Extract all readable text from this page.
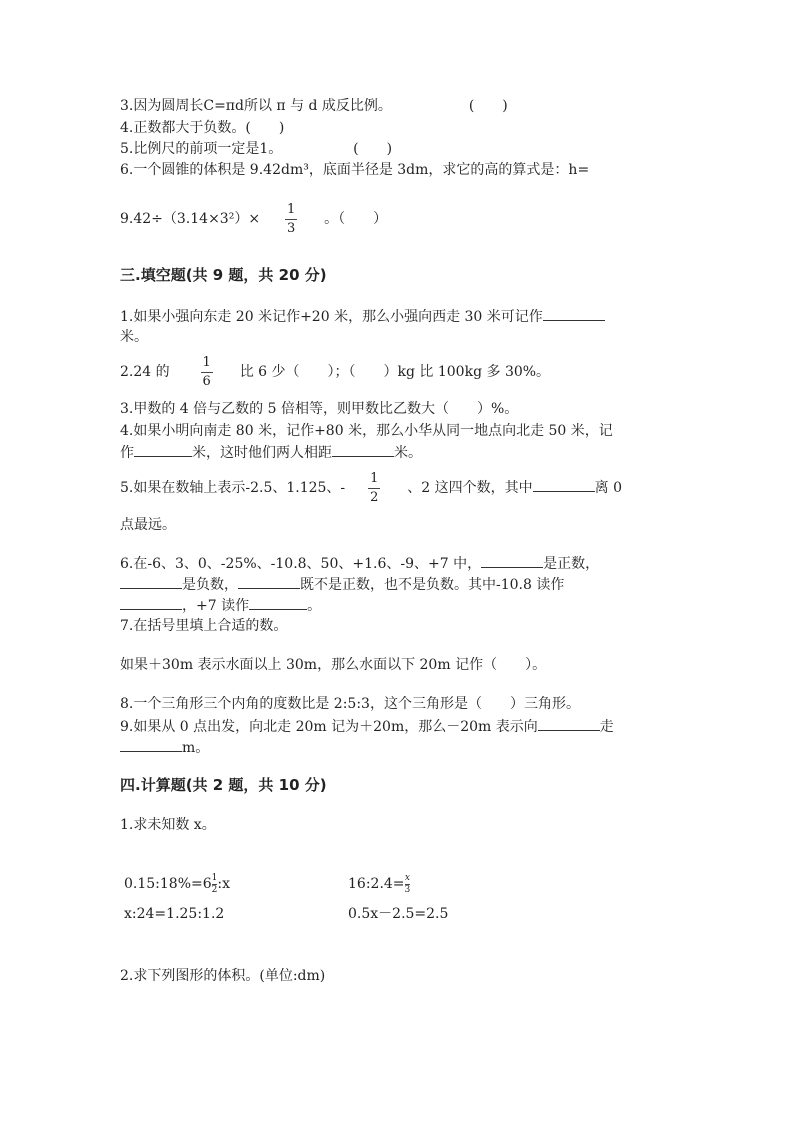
3.因为圆周长C=πd所以 π 与 d 成反比例。	(　　)
4.正数都大于负数。(　　)
5.比例尺的前项一定是1。	(　　)
6.一个圆锥的体积是 9.42dm³，底面半径是 3dm，求它的高的算式是：h=
$9.42\div(3.14\times 3^2)\times \frac{1}{3}$ 。（　　）
三.填空题(共 9 题，共 20 分)
1.如果小强向东走 20 米记作+20 米，那么小强向西走 30 米可记作
米。
2.24 的 $\frac{1}{6}$ 比 6 少（　　）；（　　）kg 比 100kg 多 30%。
3.甲数的 4 倍与乙数的 5 倍相等，则甲数比乙数大（　　）%。
4.如果小明向南走 80 米，记作+80 米，那么小华从同一地点向北走 50 米，记
作	米，这时他们两人相距	米。
5.如果在数轴上表示-2.5、1.125、- $\frac{1}{2}$ 、2 这四个数，其中	离 0
点最远。
6.在-6、3、0、-25%、-10.8、50、+1.6、-9、+7 中，	是正数，
是负数，	既不是正数，也不是负数。其中-10.8 读作
，+7 读作	。
7.在括号里填上合适的数。
如果＋30m 表示水面以上 30m，那么水面以下 20m 记作（　　）。
8.一个三角形三个内角的度数比是 2:5:3，这个三角形是（　　）三角形。
9.如果从 0 点出发，向北走 20m 记为＋20m，那么－20m 表示向	走
m。
四.计算题(共 2 题，共 10 分)
1.求未知数 x。
0.15:18%=6 $\frac{1}{2}$ :x	16:2.4= $\frac{x}{3}$
x:24=1.25:1.2	0.5x－2.5=2.5
2.求下列图形的体积。(单位:dm)
